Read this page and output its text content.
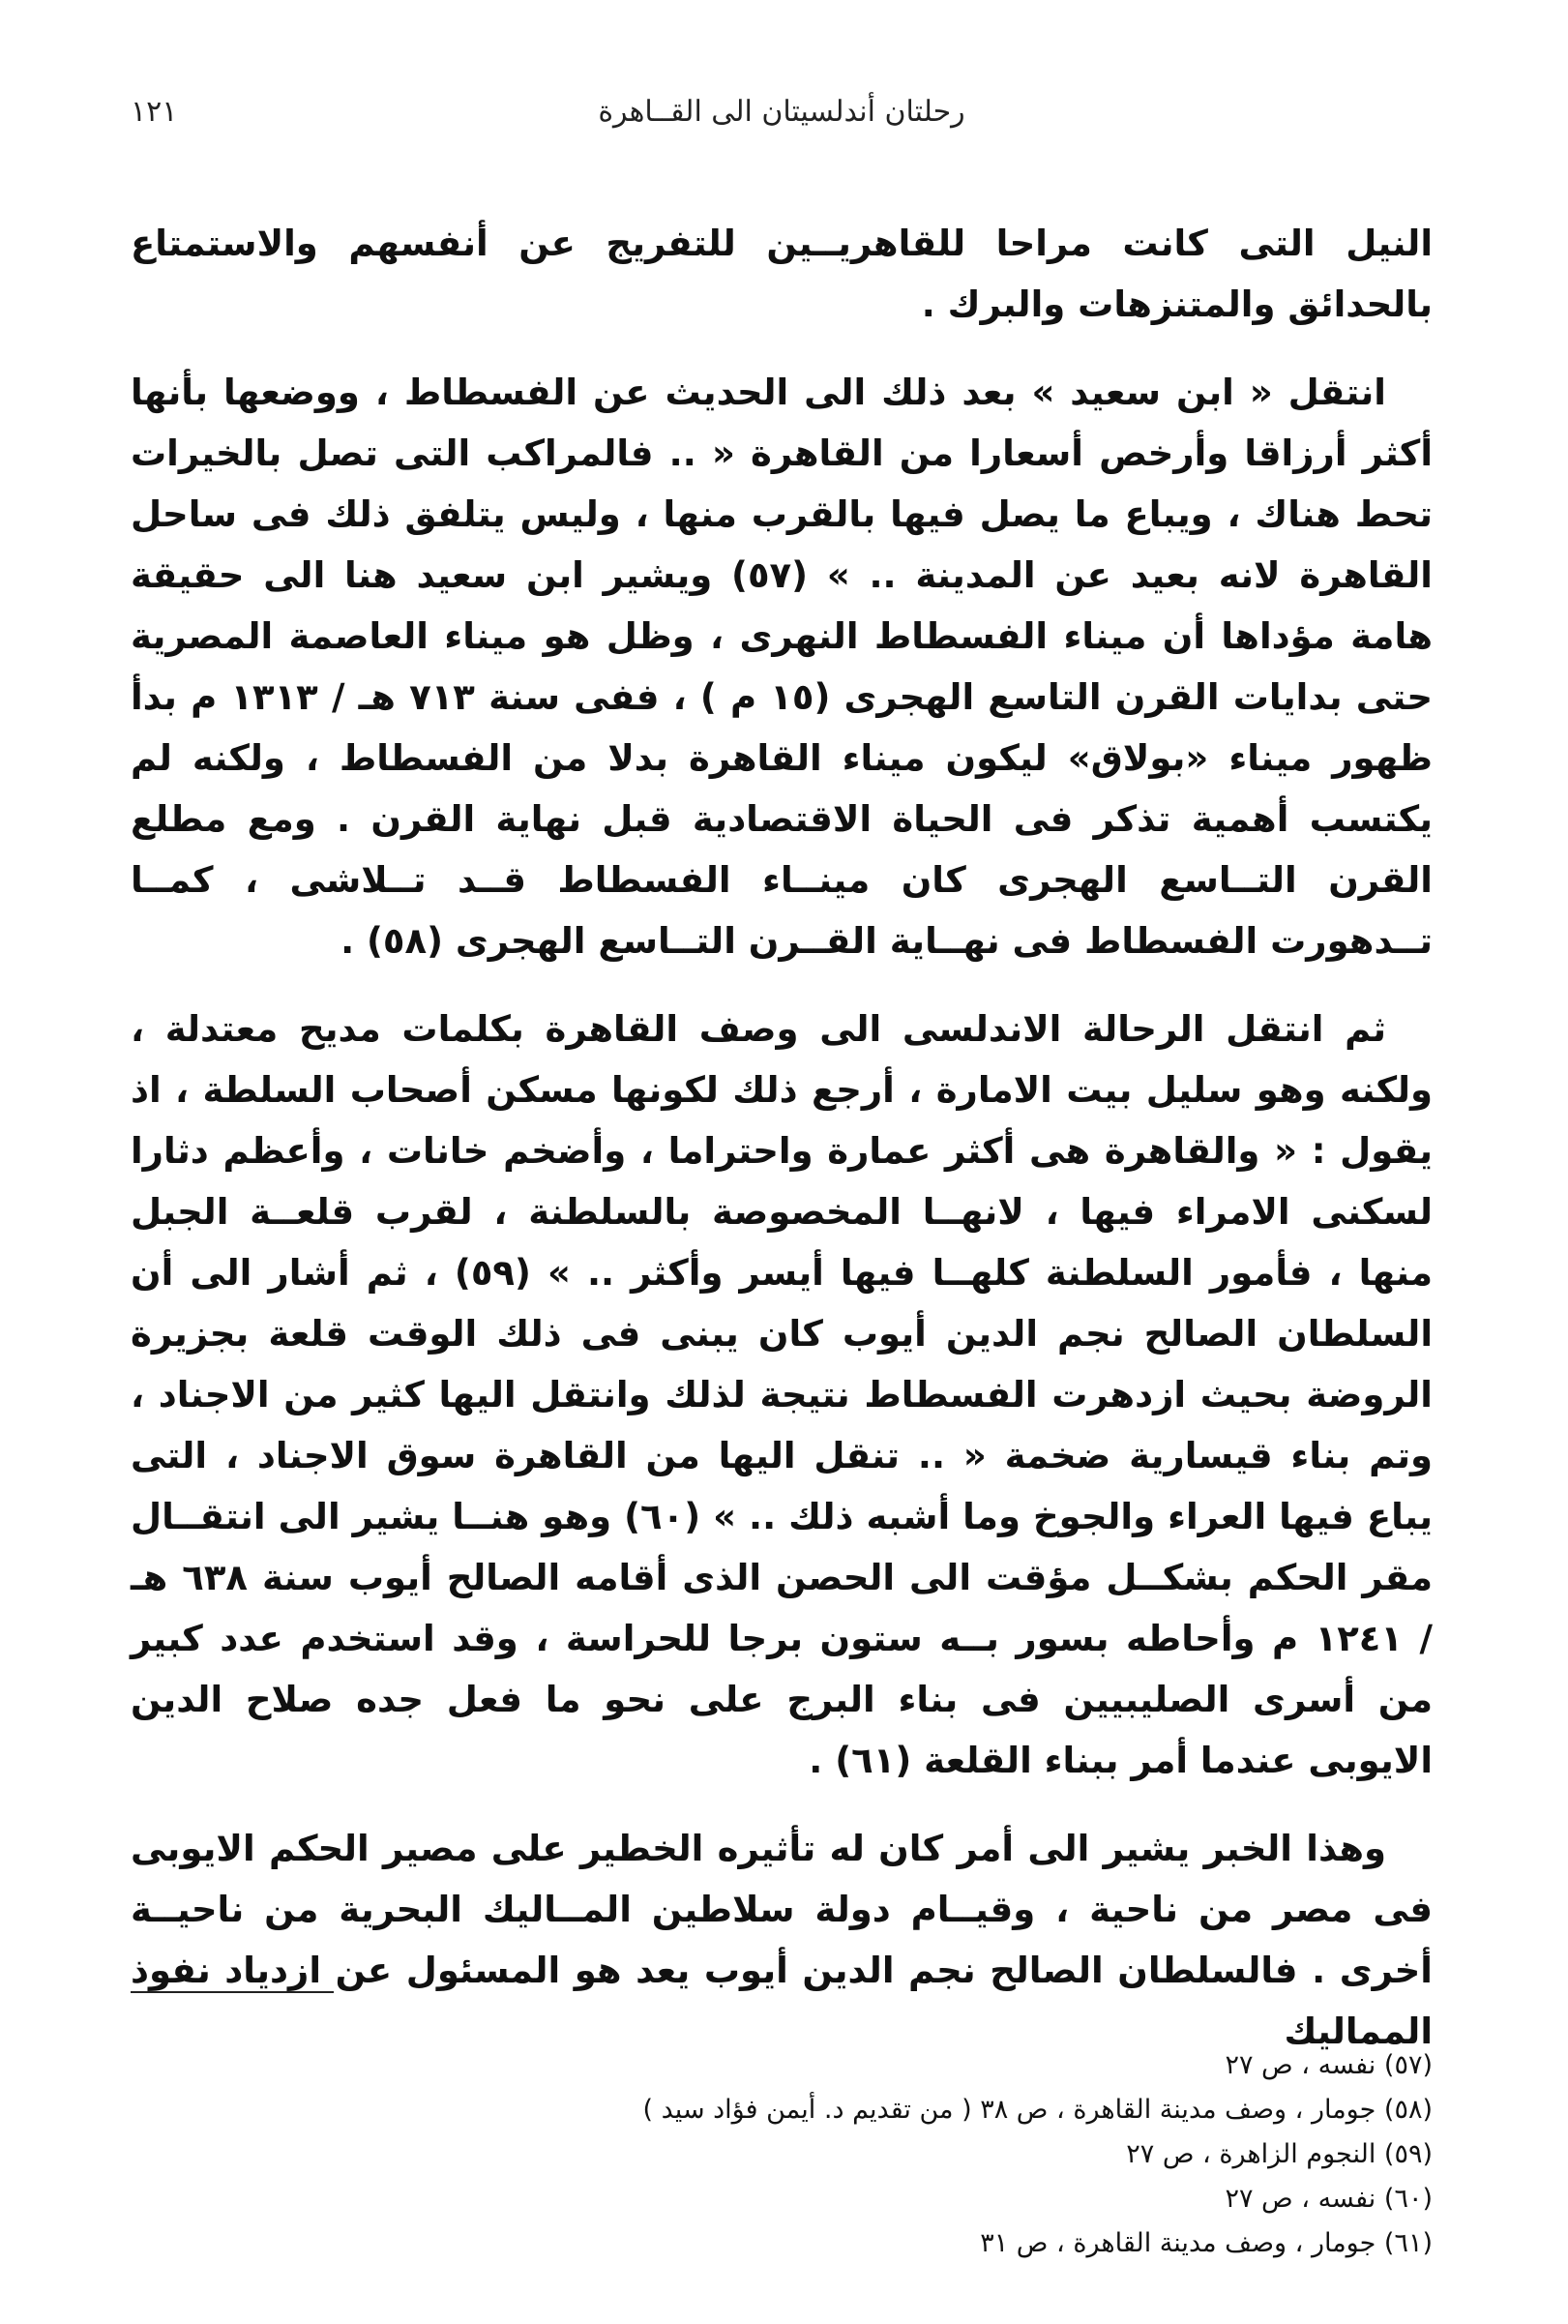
رحلتان أندلسيتان الى القــاهرة
١٢١

النيل التى كانت مراحا للقاهريــين للتفريج عن أنفسهم والاستمتاع بالحدائق والمتنزهات والبرك .

انتقل « ابن سعيد » بعد ذلك الى الحديث عن الفسطاط ، ووضعها بأنها أكثر أرزاقا وأرخص أسعارا من القاهرة « .. فالمراكب التى تصل بالخيرات تحط هناك ، ويباع ما يصل فيها بالقرب منها ، وليس يتلفق ذلك فى ساحل القاهرة لانه بعيد عن المدينة .. » (٥٧) ويشير ابن سعيد هنا الى حقيقة هامة مؤداها أن ميناء الفسطاط النهرى ، وظل هو ميناء العاصمة المصرية حتى بدايات القرن التاسع الهجرى (١٥ م ) ، ففى سنة ٧١٣ هـ / ١٣١٣ م بدأ ظهور ميناء «بولاق» ليكون ميناء القاهرة بدلا من الفسطاط ، ولكنه لم يكتسب أهمية تذكر فى الحياة الاقتصادية قبل نهاية القرن . ومع مطلع القرن التــاسع الهجرى كان مينــاء الفسطاط قــد تــلاشى ، كمــا تــدهورت الفسطاط فى نهــاية القــرن التــاسع الهجرى (٥٨) .

ثم انتقل الرحالة الاندلسى الى وصف القاهرة بكلمات مديح معتدلة ، ولكنه وهو سليل بيت الامارة ، أرجع ذلك لكونها مسكن أصحاب السلطة ، اذ يقول : « والقاهرة هى أكثر عمارة واحتراما ، وأضخم خانات ، وأعظم دثارا لسكنى الامراء فيها ، لانهــا المخصوصة بالسلطنة ، لقرب قلعــة الجبل منها ، فأمور السلطنة كلهــا فيها أيسر وأكثر .. » (٥٩) ، ثم أشار الى أن السلطان الصالح نجم الدين أيوب كان يبنى فى ذلك الوقت قلعة بجزيرة الروضة بحيث ازدهرت الفسطاط نتيجة لذلك وانتقل اليها كثير من الاجناد ، وتم بناء قيسارية ضخمة « .. تنقل اليها من القاهرة سوق الاجناد ، التى يباع فيها العراء والجوخ وما أشبه ذلك .. » (٦٠) وهو هنــا يشير الى انتقــال مقر الحكم بشكــل مؤقت الى الحصن الذى أقامه الصالح أيوب سنة ٦٣٨ هـ / ١٢٤١ م وأحاطه بسور بــه ستون برجا للحراسة ، وقد استخدم عدد كبير من أسرى الصليبيين فى بناء البرج على نحو ما فعل جده صلاح الدين الايوبى عندما أمر ببناء القلعة (٦١) .

وهذا الخبر يشير الى أمر كان له تأثيره الخطير على مصير الحكم الايوبى فى مصر من ناحية ، وقيــام دولة سلاطين المــاليك البحرية من ناحيــة أخرى . فالسلطان الصالح نجم الدين أيوب يعد هو المسئول عن ازدياد نفوذ المماليك

(٥٧) نفسه ، ص ٢٧
(٥٨) جومار ، وصف مدينة القاهرة ، ص ٣٨ ( من تقديم د. أيمن فؤاد سيد )
(٥٩) النجوم الزاهرة ، ص ٢٧
(٦٠) نفسه ، ص ٢٧
(٦١) جومار ، وصف مدينة القاهرة ، ص ٣١
